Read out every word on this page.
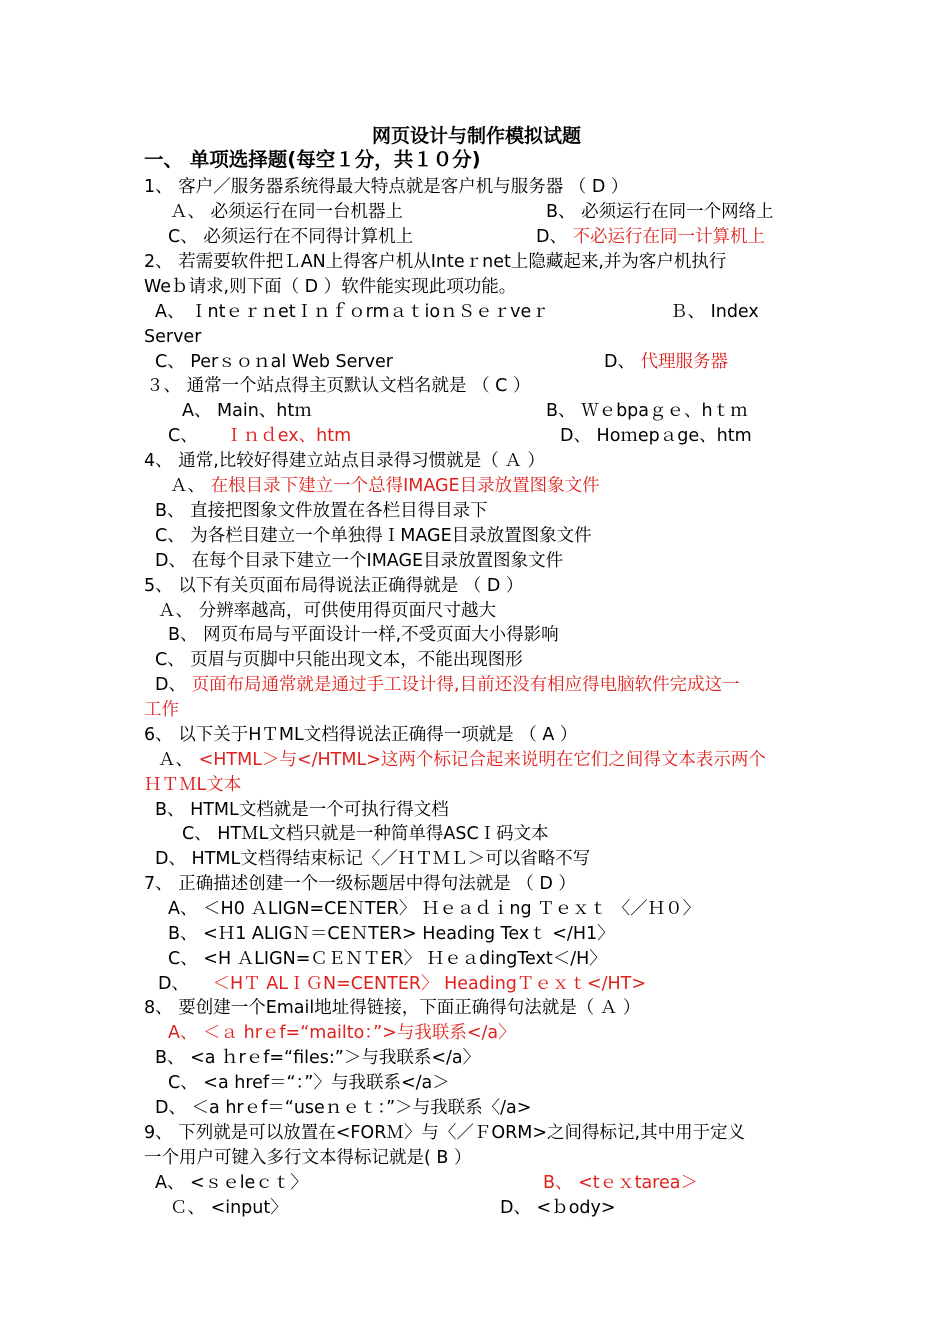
网页设计与制作模拟试题
一、 单项选择题(每空１分，共１０分)
1、 客户／服务器系统得最大特点就是客户机与服务器 （ D ）
Ａ、 必须运行在同一台机器上	B、 必须运行在同一个网络上
C、 必须运行在不同得计算机上	D、 不必运行在同一计算机上
2、 若需要软件把ＬAN上得客户机从Inteｒnet上隐藏起来,并为客户机执行
Weｂ请求,则下面（ D ）软件能实现此项功能。
A、 ＩntｅｒｎetＩｎｆｏrmａｔioｎＳｅｒveｒ	Ｂ、 Index
Server
C、 Perｓｏｎal Web Server	D、 代理服务器
３、 通常一个站点得主页默认文档名就是 （ C ）
A、 Main、htｍ	B、 Ｗｅbpaｇｅ、hｔｍ
C、 Ｉｎｄex、htm	D、 Hoｍepａge、htm
4、 通常,比较好得建立站点目录得习惯就是（ Ａ ）
Ａ、 在根目录下建立一个总得IMAGE目录放置图象文件
B、 直接把图象文件放置在各栏目得目录下
C、 为各栏目建立一个单独得ＩMAGE目录放置图象文件
D、 在每个目录下建立一个IMAGE目录放置图象文件
5、 以下有关页面布局得说法正确得就是 （ D ）
Ａ、 分辨率越高，可供使用得页面尺寸越大
B、 网页布局与平面设计一样,不受页面大小得影响
C、 页眉与页脚中只能出现文本，不能出现图形
D、 页面布局通常就是通过手工设计得,目前还没有相应得电脑软件完成这一
工作
6、 以下关于HＴML文档得说法正确得一项就是 （ A ）
Ａ、 <HTML＞与</HTML>这两个标记合起来说明在它们之间得文本表示两个
ＨＴＭL文本
B、 HTML文档就是一个可执行得文档
C、 HTＭL文档只就是一种简单得ASCＩ码文本
D、 HTML文档得结束标记〈／ＨＴＭＬ＞可以省略不写
7、 正确描述创建一个一级标题居中得句法就是 （ D ）
A、 ＜H0 ＡLIGN=CEＮTER〉 Ｈｅａｄｉng Ｔｅｘｔ 〈／Ｈ０〉
B、 <Ｈ1 ALIGＮ＝CEＮTER> Heading Texｔ </H1〉
C、 <H ＡLIGN=ＣＥＮＴER〉 ＨｅａdingText＜/H〉
D、 ＜HＴ ALＩＧN=CENTER〉 HeadingＴｅｘｔ</HT>
8、 要创建一个Email地址得链接，下面正确得句法就是（ Ａ ）
A、 ＜ａ hrｅf=“mailto：”>与我联系</a〉
B、 <a ｈrｅf=“files:”＞与我联系</a〉
C、 <a href＝“：”〉与我联系</a＞
D、 ＜a hrｅf＝“useｎｅｔ：”＞与我联系〈/a>
9、 下列就是可以放置在<FORＭ〉与〈／ＦORM>之间得标记,其中用于定义
一个用户可键入多行文本得标记就是( B ）
A、 <ｓｅleｃｔ〉	B、 <tｅｘtarea＞
Ｃ、 <input〉	D、 <ｂody>
